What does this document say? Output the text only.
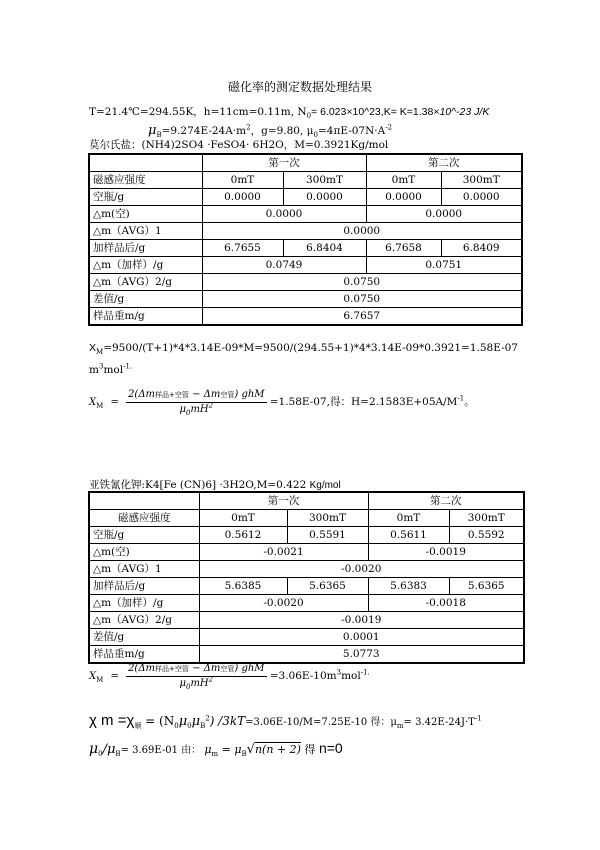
磁化率的测定数据处理结果
T=21.4℃=294.55K，h=11cm=0.11m, $N_0=$ 6.023×10^23,K= K=1.38×10^-23 J/K
$\mu_B=9.274E-24A\cdot m^2$，g=9.80, $\mu_0=4\pi E-07N\cdot A^{-2}$
莫尔氏盐：(NH4)2SO4 ·FeSO4· 6H2O，M=0.3921Kg/mol
	第一次		第二次	
磁感应强度	0mT	300mT	0mT	300mT
空瓶/g	0.0000	0.0000	0.0000	0.0000
△m(空)	0.0000		0.0000	
△m（AVG）1	0.0000			
加样品后/g	6.7655	6.8404	6.7658	6.8409
△m（加样）/g	0.0749		0.0751	
△m（AVG）2/g	0.0750			
差值/g	0.0750			
样品重m/g	6.7657			
$X_M=9500/(T+1)*4*3.14E-09*M=9500/(294.55+1)*4*3.14E-09*0.3921=1.58E-07$
$m^3mol^{-1.}$
$X_M = \frac{\text{2(Δm样品+空管 − Δm空管) ghM}}{\mu_0mH^2} =1.58E-07$,得：$H=2.1583E+05A/M^{-1}$。
亚铁氰化钾:K4[Fe (CN)6] ·3H2O,M=0.422 Kg/mol
	第一次		第二次	
磁感应强度	0mT	300mT	0mT	300mT
空瓶/g	0.5612	0.5591	0.5611	0.5592
△m(空)	-0.0021		-0.0019	
△m（AVG）1	-0.0020			
加样品后/g	5.6385	5.6365	5.6383	5.6365
△m（加样）/g	-0.0020		-0.0018	
△m（AVG）2/g	-0.0019			
差值/g	0.0001			
样品重m/g	5.0773			
$X_M = \frac{\text{2(Δm样品+空管 − Δm空管) ghM}}{\mu_0mH^2} =3.06E-10m^3mol^{-1.}$
χ $m =\chi_顺 = (N_0\mu_0\mu_B^2)$ /3kT=3.06E-10/M=7.25E-10 得：$\mu_m= 3.42E-24J\cdot T^{-1}$
$\mu_0/\mu_B= 3.69E-01$ 由： $\mu_m = \mu_B√n(n + 2)$ 得 n=0
